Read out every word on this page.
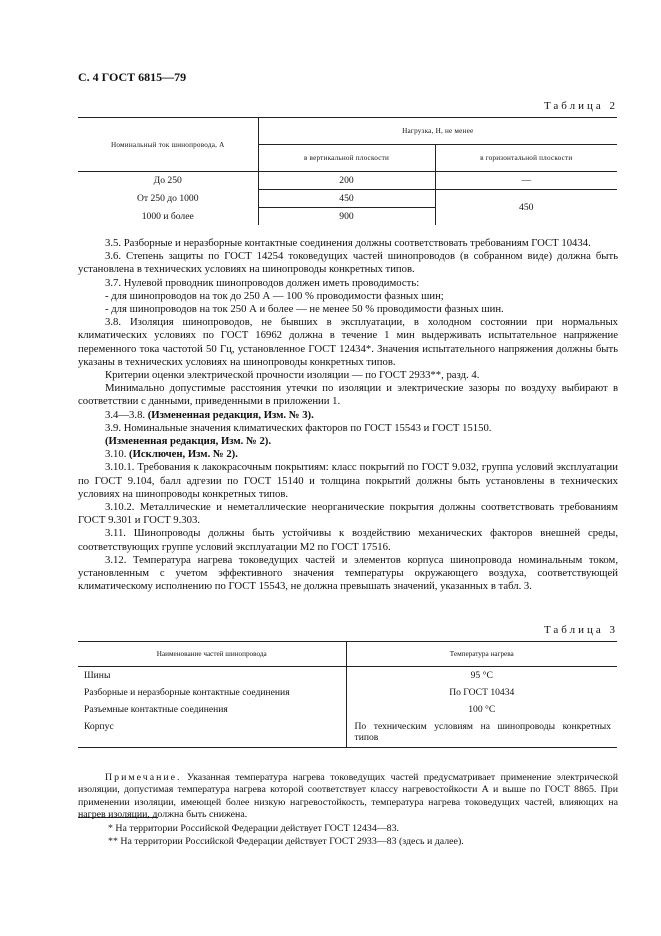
С. 4 ГОСТ 6815—79
Таблица 2
Номинальный ток шинопровода, А	Нагрузка, Н, не менее	
	в вертикальной плоскости	в горизонтальной плоскости
До 250	200	—
От 250 до 1000	450	450
1000 и более	900	

3.5. Разборные и неразборные контактные соединения должны соответствовать требованиям ГОСТ 10434.

3.6. Степень защиты по ГОСТ 14254 токоведущих частей шинопроводов (в собранном виде) должна быть установлена в технических условиях на шинопроводы конкретных типов.

3.7. Нулевой проводник шинопроводов должен иметь проводимость:

- для шинопроводов на ток до 250 А — 100 % проводимости фазных шин;

- для шинопроводов на ток 250 А и более — не менее 50 % проводимости фазных шин.

3.8. Изоляция шинопроводов, не бывших в эксплуатации, в холодном состоянии при нормальных климатических условиях по ГОСТ 16962 должна в течение 1 мин выдерживать испытательное напряжение переменного тока частотой 50 Гц, установленное ГОСТ 12434*. Значения испытательного напряжения должны быть указаны в технических условиях на шинопроводы конкретных типов.

Критерии оценки электрической прочности изоляции — по ГОСТ 2933**, разд. 4.

Минимально допустимые расстояния утечки по изоляции и электрические зазоры по воздуху выбирают в соответствии с данными, приведенными в приложении 1.

3.4—3.8. (Измененная редакция, Изм. № 3).

3.9. Номинальные значения климатических факторов по ГОСТ 15543 и ГОСТ 15150.

(Измененная редакция, Изм. № 2).

3.10. (Исключен, Изм. № 2).

3.10.1. Требования к лакокрасочным покрытиям: класс покрытий по ГОСТ 9.032, группа условий эксплуатации по ГОСТ 9.104, балл адгезии по ГОСТ 15140 и толщина покрытий должны быть установлены в технических условиях на шинопроводы конкретных типов.

3.10.2. Металлические и неметаллические неорганические покрытия должны соответствовать требованиям ГОСТ 9.301 и ГОСТ 9.303.

3.11. Шинопроводы должны быть устойчивы к воздействию механических факторов внешней среды, соответствующих группе условий эксплуатации М2 по ГОСТ 17516.

3.12. Температура нагрева токоведущих частей и элементов корпуса шинопровода номинальным током, установленным с учетом эффективного значения температуры окружающего воздуха, соответствующей климатическому исполнению по ГОСТ 15543, не должна превышать значений, указанных в табл. 3.

Таблица 3
Наименование частей шинопровода	Температура нагрева
Шины	95 °С
Разборные и неразборные контактные соединения	По ГОСТ 10434
Разъемные контактные соединения	100 °С
Корпус	По техническим условиям на шинопроводы конкретных типов

Примечание. Указанная температура нагрева токоведущих частей предусматривает применение электрической изоляции, допустимая температура нагрева которой соответствует классу нагревостойкости А и выше по ГОСТ 8865. При применении изоляции, имеющей более низкую нагревостойкость, температура нагрева токоведущих частей, влияющих на нагрев изоляции, должна быть снижена.

* На территории Российской Федерации действует ГОСТ 12434—83.

** На территории Российской Федерации действует ГОСТ 2933—83 (здесь и далее).
